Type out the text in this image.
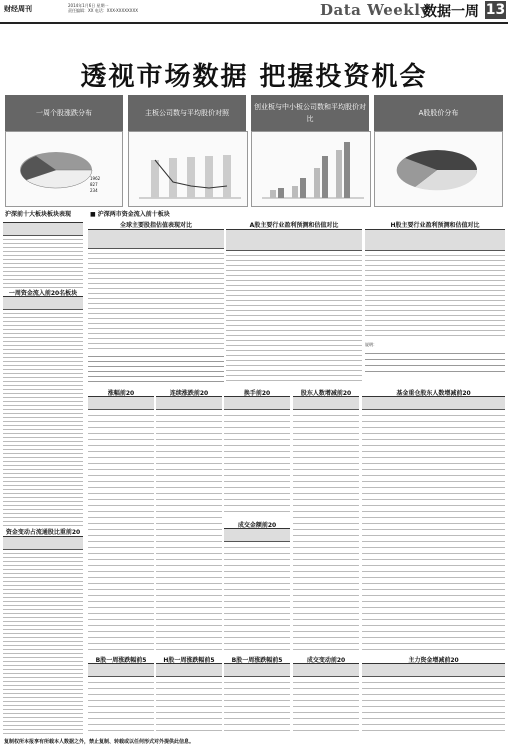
财经周刊	2014年1月6日 星期一
责任编辑：XX 电话：XXX-XXXXXXXX	Data Weekly
数据一周 13
透视市场数据 把握投资机会
一周个股涨跌分布	主板公司数与平均股价对照
创业板与中小板公司数和平均股价对比
A股股价分布
1962
827
234
沪深前十大板块板块表现	■ 沪深两市资金流入前十板块
一周资金流入前20名板块
资金变动占流通股比重前20
全球主要股指估值表现对比	A股主要行业盈利预测和估值对比	H股主要行业盈利预测和估值对比
说明：
涨幅前20	连续涨跌前20	换手前20
成交金额前20
股东人数增减前20	基金重仓股东人数增减前20
B股一周涨跌幅前5	H股一周涨跌幅前5	B股一周涨跌幅前5	成交变动前20	主力资金增减前20
复制权所本报享有所载本人数据之外，禁止复制、转载或以任何形式对外提供此信息。
